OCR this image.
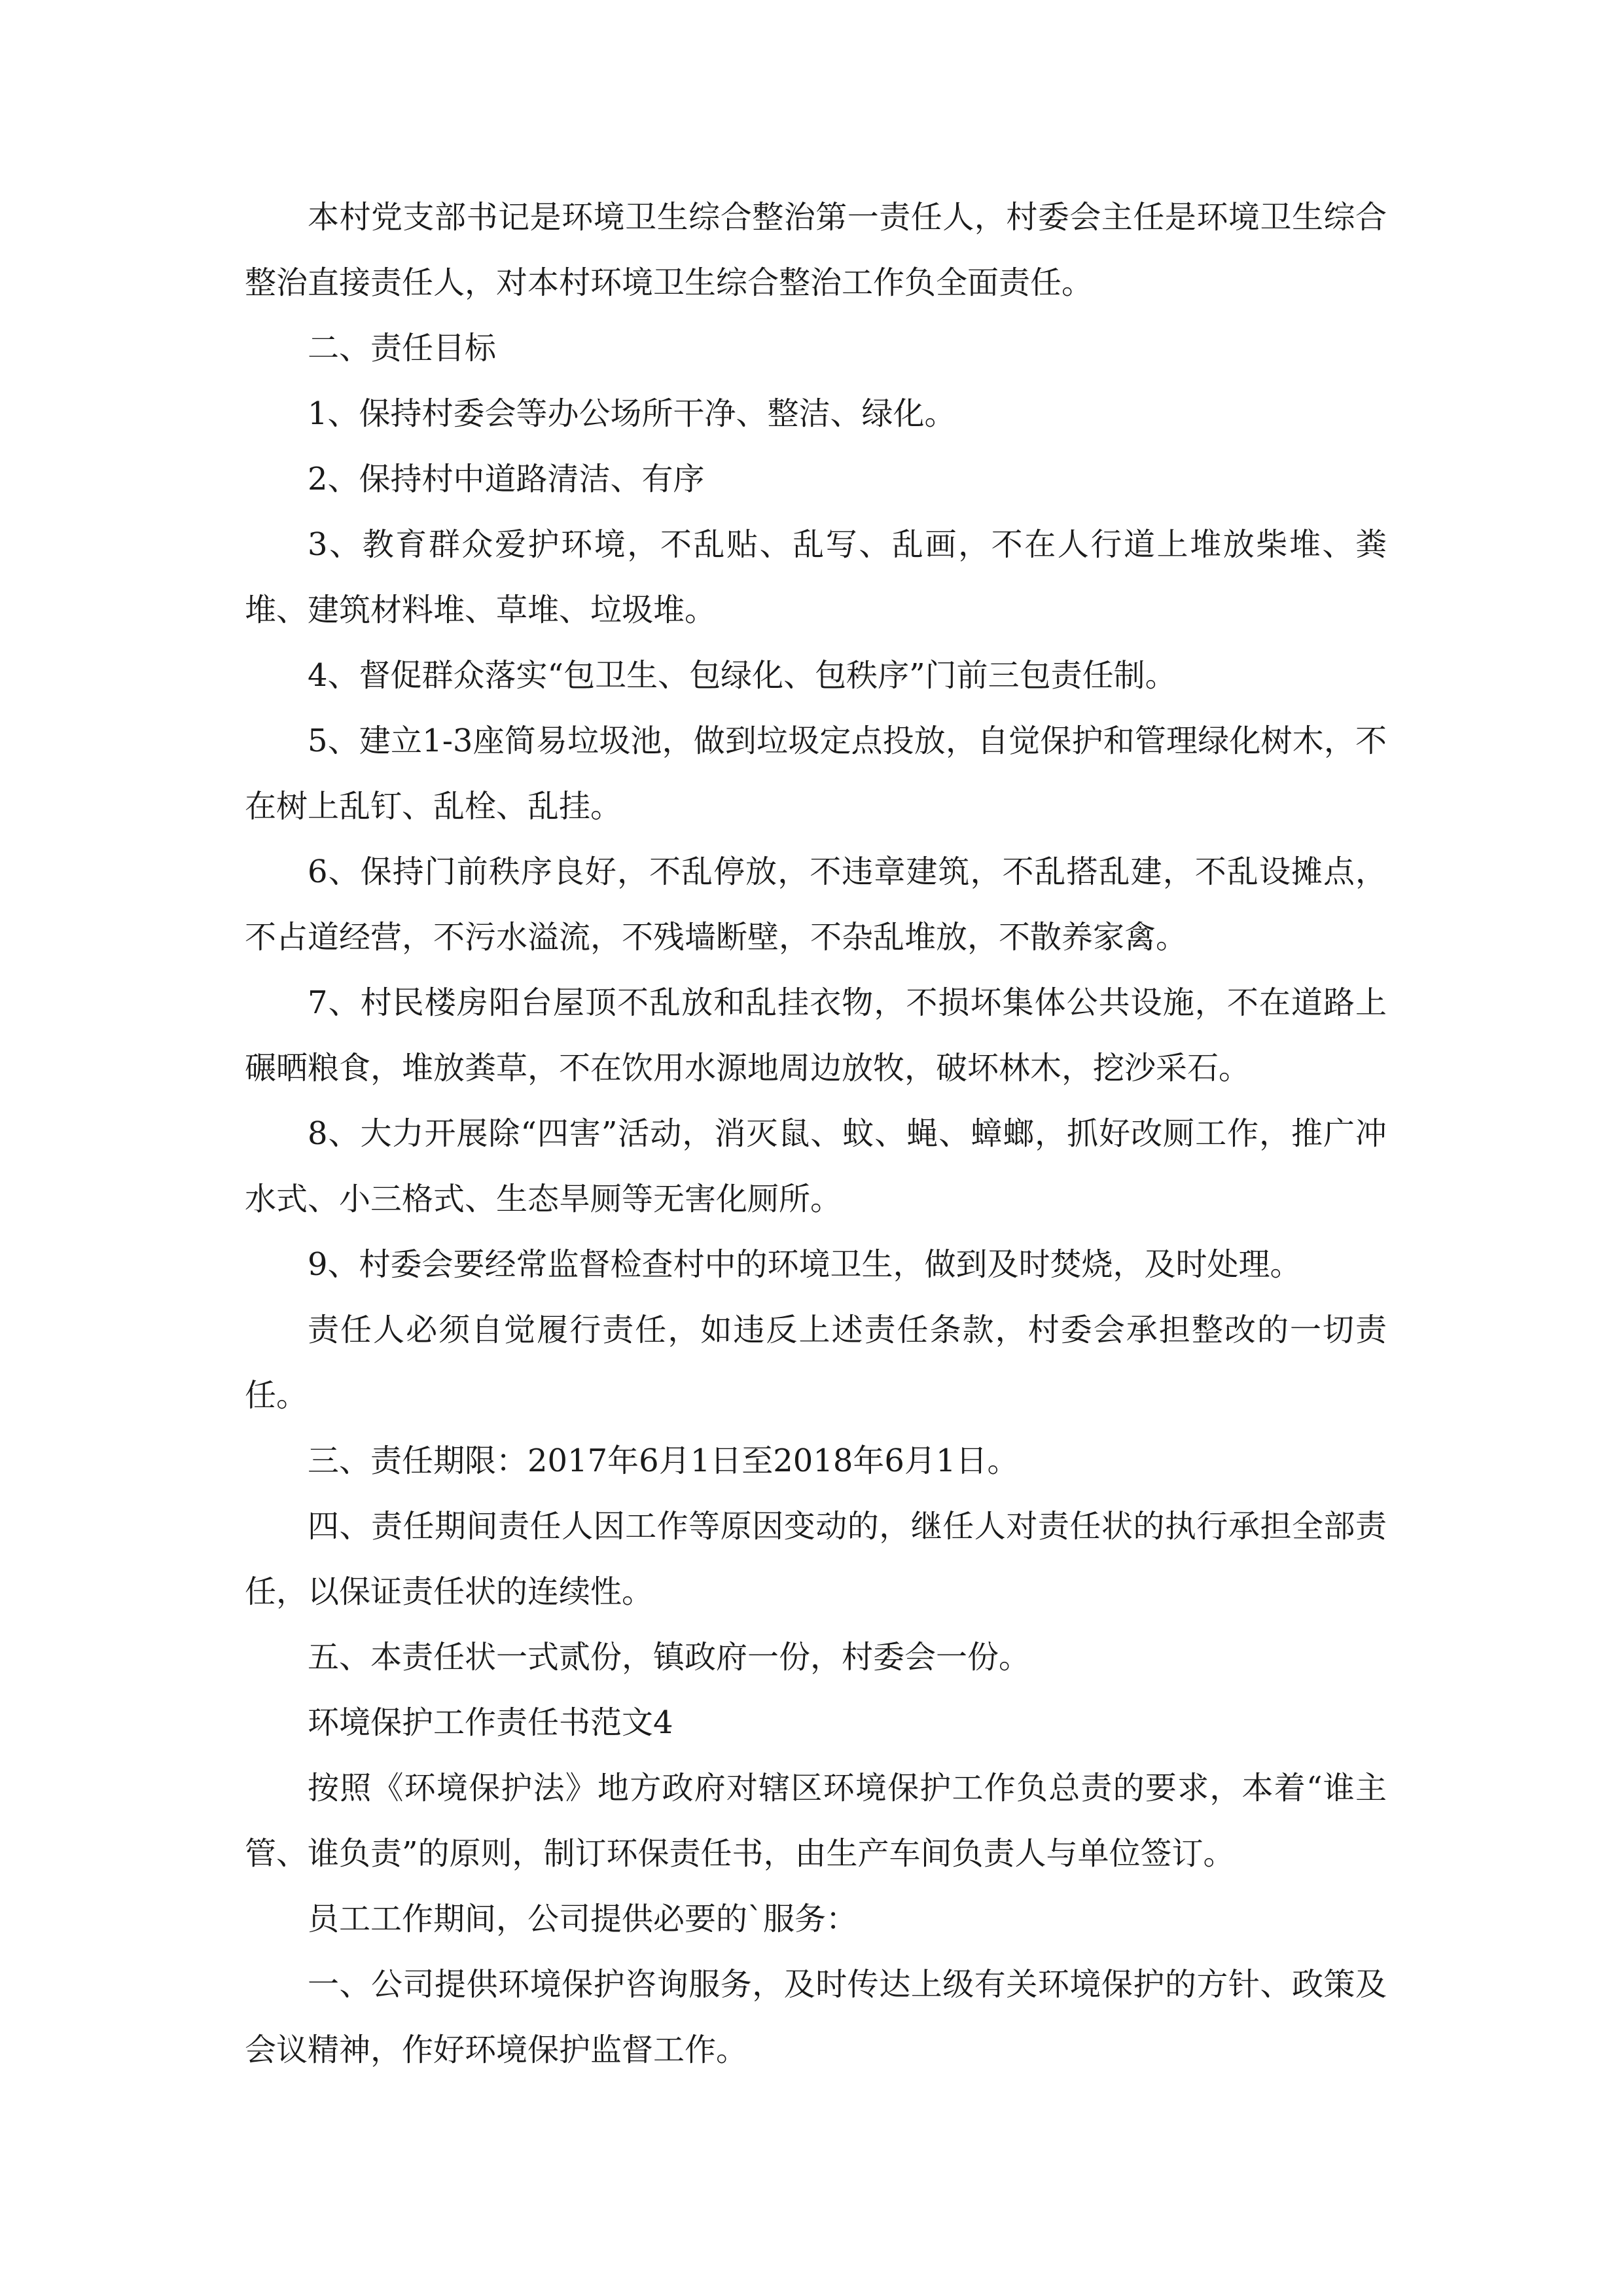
本村党支部书记是环境卫生综合整治第一责任人，村委会主任是环境卫生综合整治直接责任人，对本村环境卫生综合整治工作负全面责任。

二、责任目标

1、保持村委会等办公场所干净、整洁、绿化。

2、保持村中道路清洁、有序

3、教育群众爱护环境，不乱贴、乱写、乱画，不在人行道上堆放柴堆、粪堆、建筑材料堆、草堆、垃圾堆。

4、督促群众落实“包卫生、包绿化、包秩序”门前三包责任制。

5、建立1-3座简易垃圾池，做到垃圾定点投放，自觉保护和管理绿化树木，不在树上乱钉、乱栓、乱挂。

6、保持门前秩序良好，不乱停放，不违章建筑，不乱搭乱建，不乱设摊点，不占道经营，不污水溢流，不残墙断壁，不杂乱堆放，不散养家禽。

7、村民楼房阳台屋顶不乱放和乱挂衣物，不损坏集体公共设施，不在道路上碾晒粮食，堆放粪草，不在饮用水源地周边放牧，破坏林木，挖沙采石。

8、大力开展除“四害”活动，消灭鼠、蚊、蝇、蟑螂，抓好改厕工作，推广冲水式、小三格式、生态旱厕等无害化厕所。

9、村委会要经常监督检查村中的环境卫生，做到及时焚烧，及时处理。

责任人必须自觉履行责任，如违反上述责任条款，村委会承担整改的一切责任。

三、责任期限：2017年6月1日至2018年6月1日。

四、责任期间责任人因工作等原因变动的，继任人对责任状的执行承担全部责任，以保证责任状的连续性。

五、本责任状一式贰份，镇政府一份，村委会一份。

环境保护工作责任书范文4

按照《环境保护法》地方政府对辖区环境保护工作负总责的要求，本着“谁主管、谁负责”的原则，制订环保责任书，由生产车间负责人与单位签订。

员工工作期间，公司提供必要的`服务：

一、公司提供环境保护咨询服务，及时传达上级有关环境保护的方针、政策及会议精神，作好环境保护监督工作。
